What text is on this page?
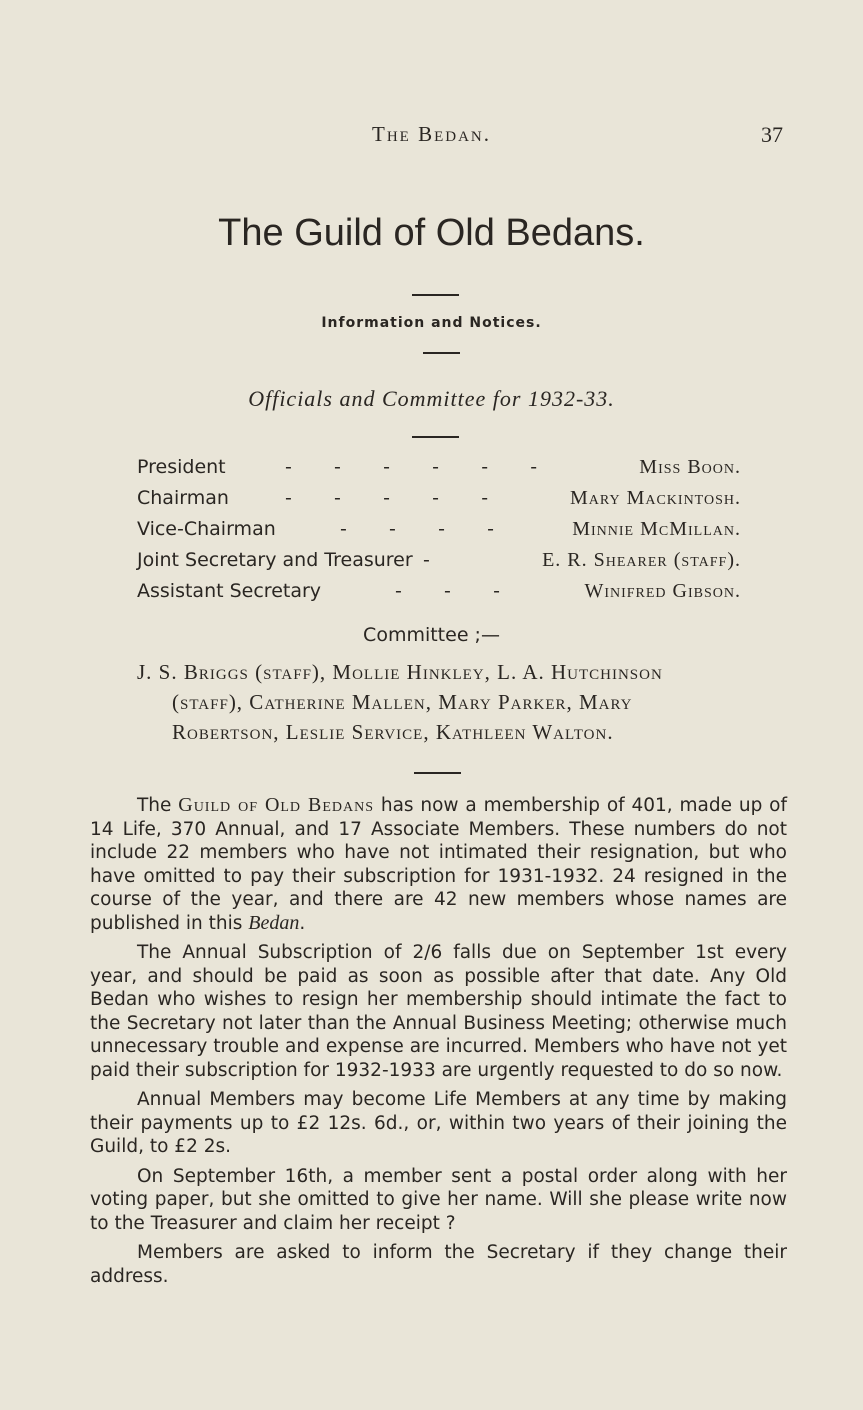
The Bedan.	37
The Guild of Old Bedans.
Information and Notices.
Officials and Committee for 1932-33.
President	-     -     -     -     -     -	Miss Boon.
Chairman	-     -     -     -     -	Mary Mackintosh.
Vice-Chairman	-     -     -     -	Minnie McMillan.
Joint Secretary and Treasurer -	E. R. Shearer (staff).
Assistant Secretary	-     -     -	Winifred Gibson.
Committee ;—
J. S. Briggs (staff), Mollie Hinkley, L. A. Hutchinson
(staff), Catherine Mallen, Mary Parker, Mary
Robertson, Leslie Service, Kathleen Walton.

The Guild of Old Bedans has now a membership of 401, made up of 14 Life, 370 Annual, and 17 Associate Members. These numbers do not include 22 members who have not intimated their resignation, but who have omitted to pay their subscription for 1931-1932. 24 resigned in the course of the year, and there are 42 new members whose names are published in this Bedan.

The Annual Subscription of 2/6 falls due on September 1st every year, and should be paid as soon as possible after that date. Any Old Bedan who wishes to resign her membership should intimate the fact to the Secretary not later than the Annual Business Meeting; otherwise much unnecessary trouble and expense are incurred. Members who have not yet paid their subscription for 1932-1933 are urgently requested to do so now.

Annual Members may become Life Members at any time by making their payments up to £2 12s. 6d., or, within two years of their joining the Guild, to £2 2s.

On September 16th, a member sent a postal order along with her voting paper, but she omitted to give her name. Will she please write now to the Treasurer and claim her receipt ?

Members are asked to inform the Secretary if they change their address.
